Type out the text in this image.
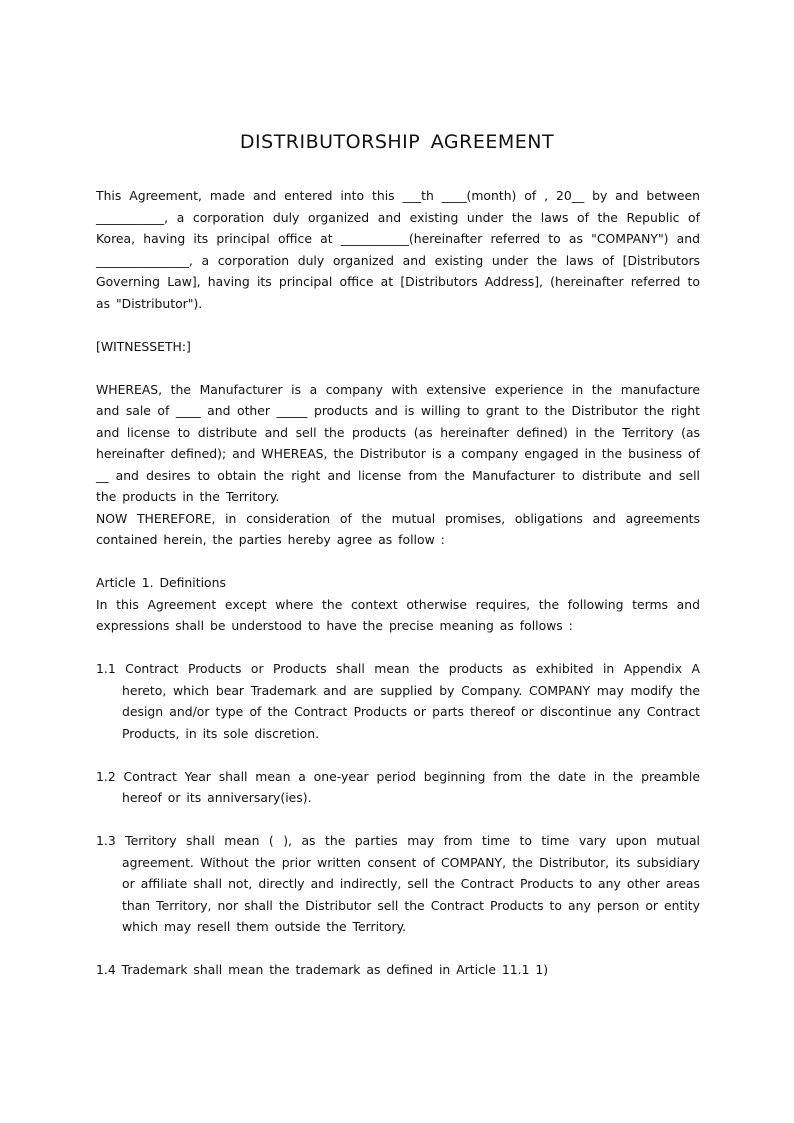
DISTRIBUTORSHIP AGREEMENT

This Agreement, made and entered into this ___th ____(month) of , 20__ by and between ___________, a corporation duly organized and existing under the laws of the Republic of Korea, having its principal office at ___________(hereinafter referred to as "COMPANY") and _______________, a corporation duly organized and existing under the laws of [Distributors Governing Law], having its principal office at [Distributors Address], (hereinafter referred to as "Distributor").

[WITNESSETH:]

WHEREAS, the Manufacturer is a company with extensive experience in the manufacture and sale of ____ and other _____ products and is willing to grant to the Distributor the right and license to distribute and sell the products (as hereinafter defined) in the Territory (as hereinafter defined); and WHEREAS, the Distributor is a company engaged in the business of __ and desires to obtain the right and license from the Manufacturer to distribute and sell the products in the Territory.

NOW THEREFORE, in consideration of the mutual promises, obligations and agreements contained herein, the parties hereby agree as follow :

Article 1. Definitions

In this Agreement except where the context otherwise requires, the following terms and expressions shall be understood to have the precise meaning as follows :

1.1 Contract Products or Products shall mean the products as exhibited in Appendix A hereto, which bear Trademark and are supplied by Company. COMPANY may modify the design and/or type of the Contract Products or parts thereof or discontinue any Contract Products, in its sole discretion.

1.2 Contract Year shall mean a one-year period beginning from the date in the preamble hereof or its anniversary(ies).

1.3 Territory shall mean ( ), as the parties may from time to time vary upon mutual agreement. Without the prior written consent of COMPANY, the Distributor, its subsidiary or affiliate shall not, directly and indirectly, sell the Contract Products to any other areas than Territory, nor shall the Distributor sell the Contract Products to any person or entity which may resell them outside the Territory.

1.4 Trademark shall mean the trademark as defined in Article 11.1 1)
